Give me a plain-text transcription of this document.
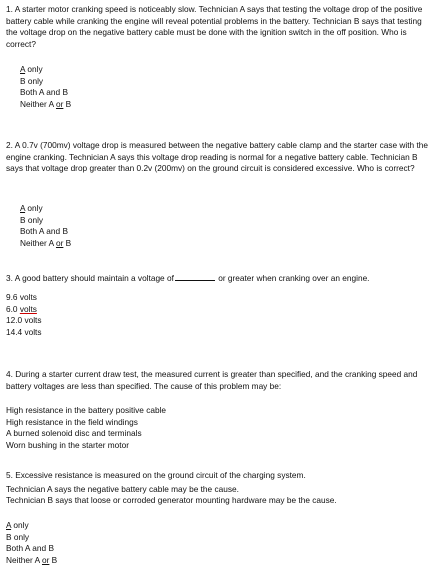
1. A starter motor cranking speed is noticeably slow. Technician A says that testing the voltage drop of the positive battery cable while cranking the engine will reveal potential problems in the battery. Technician B says that testing the voltage drop on the negative battery cable must be done with the ignition switch in the off position. Who is correct?
A only
B only
Both A and B
Neither A or B
2. A 0.7v (700mv) voltage drop is measured between the negative battery cable clamp and the starter case with the engine cranking. Technician A says this voltage drop reading is normal for a negative battery cable. Technician B says that voltage drop greater than 0.2v (200mv) on the ground circuit is considered excessive. Who is correct?
A only
B only
Both A and B
Neither A or B
3. A good battery should maintain a voltage of	or greater when cranking over an engine.
9.6 volts
6.0 volts
12.0 volts
14.4 volts
4. During a starter current draw test, the measured current is greater than specified, and the cranking speed and battery voltages are less than specified. The cause of this problem may be:
High resistance in the battery positive cable
High resistance in the field windings
A burned solenoid disc and terminals
Worn bushing in the starter motor
5. Excessive resistance is measured on the ground circuit of the charging system.
Technician A says the negative battery cable may be the cause.
Technician B says that loose or corroded generator mounting hardware may be the cause.
A only
B only
Both A and B
Neither A or B
